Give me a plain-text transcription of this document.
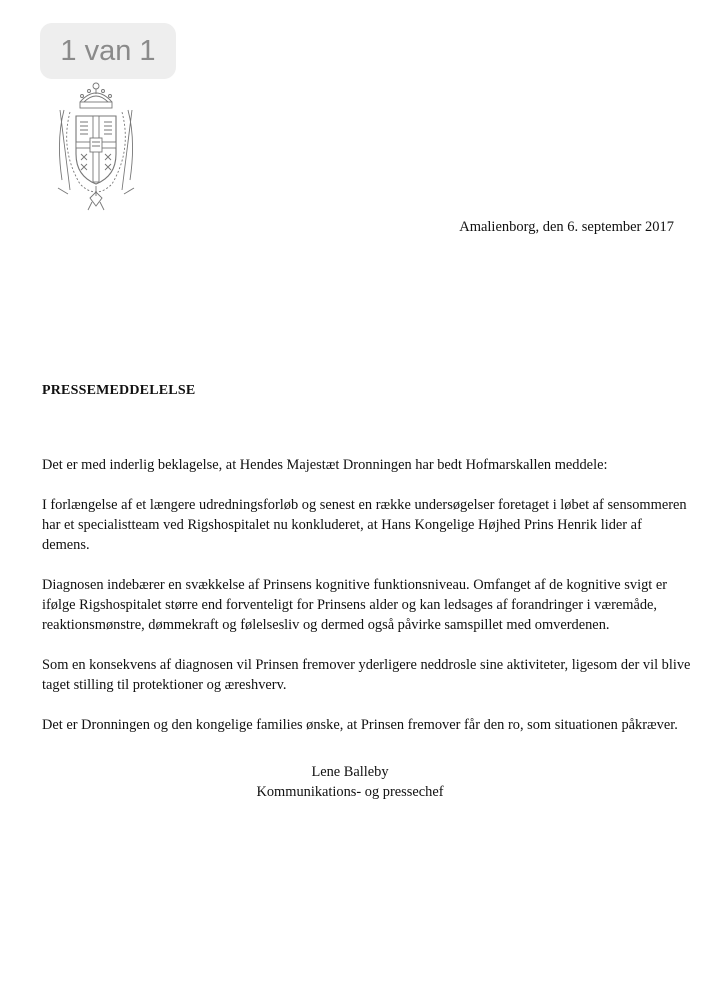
1 van 1
Amalienborg, den 6. september 2017
PRESSEMEDDELELSE

Det er med inderlig beklagelse, at Hendes Majestæt Dronningen har bedt Hofmarskallen meddele:

I forlængelse af et længere udredningsforløb og senest en række undersøgelser foretaget i løbet af sensommeren har et specialistteam ved Rigshospitalet nu konkluderet, at Hans Kongelige Højhed Prins Henrik lider af demens.

Diagnosen indebærer en svækkelse af Prinsens kognitive funktionsniveau. Omfanget af de kognitive svigt er ifølge Rigshospitalet større end forventeligt for Prinsens alder og kan ledsages af forandringer i væremåde, reaktionsmønstre, dømmekraft og følelsesliv og dermed også påvirke samspillet med omverdenen.

Som en konsekvens af diagnosen vil Prinsen fremover yderligere neddrosle sine aktiviteter, ligesom der vil blive taget stilling til protektioner og æreshverv.

Det er Dronningen og den kongelige families ønske, at Prinsen fremover får den ro, som situationen påkræver.

Lene Balleby
Kommunikations- og pressechef
